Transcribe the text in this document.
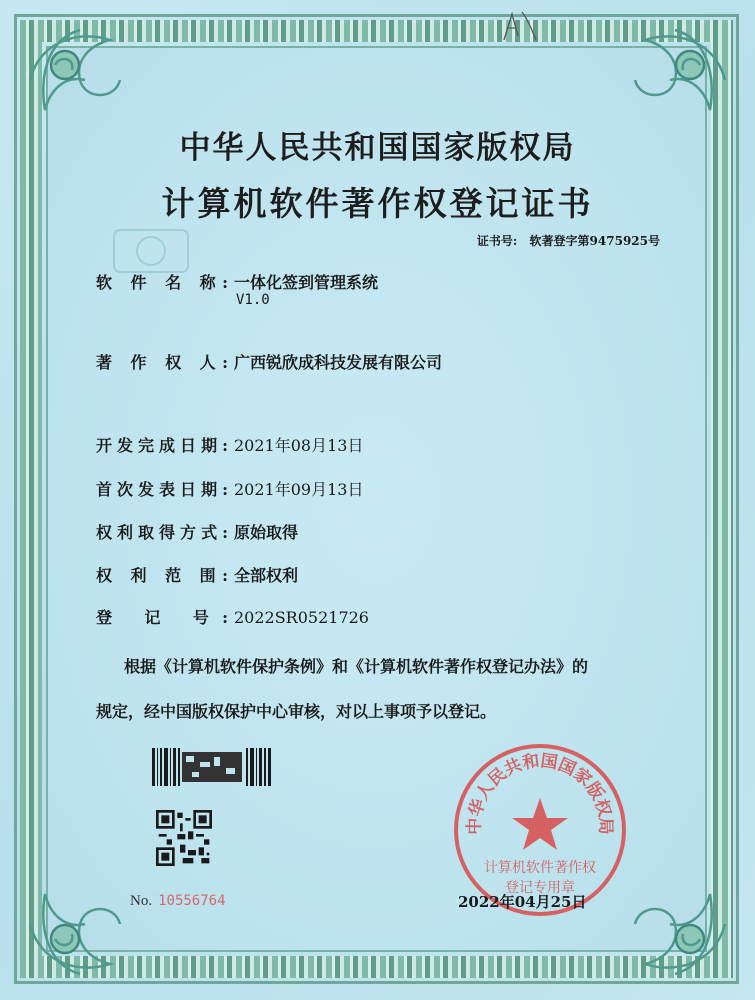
中华人民共和国国家版权局
计算机软件著作权登记证书
证书号: 软著登字第9475925号
软 件 名 称: 一体化签到管理系统
V1.0
著 作 权 人: 广西锐欣成科技发展有限公司
开发完成日期: 2021年08月13日
首次发表日期: 2021年09月13日
权利取得方式: 原始取得
权 利 范 围: 全部权利
登 记 号: 2022SR0521726
根据《计算机软件保护条例》和《计算机软件著作权登记办法》的
规定，经中国版权保护中心审核，对以上事项予以登记。
No. 10556764
中华人民共和国国家版权局
计算机软件著作权
登记专用章
2022年04月25日
